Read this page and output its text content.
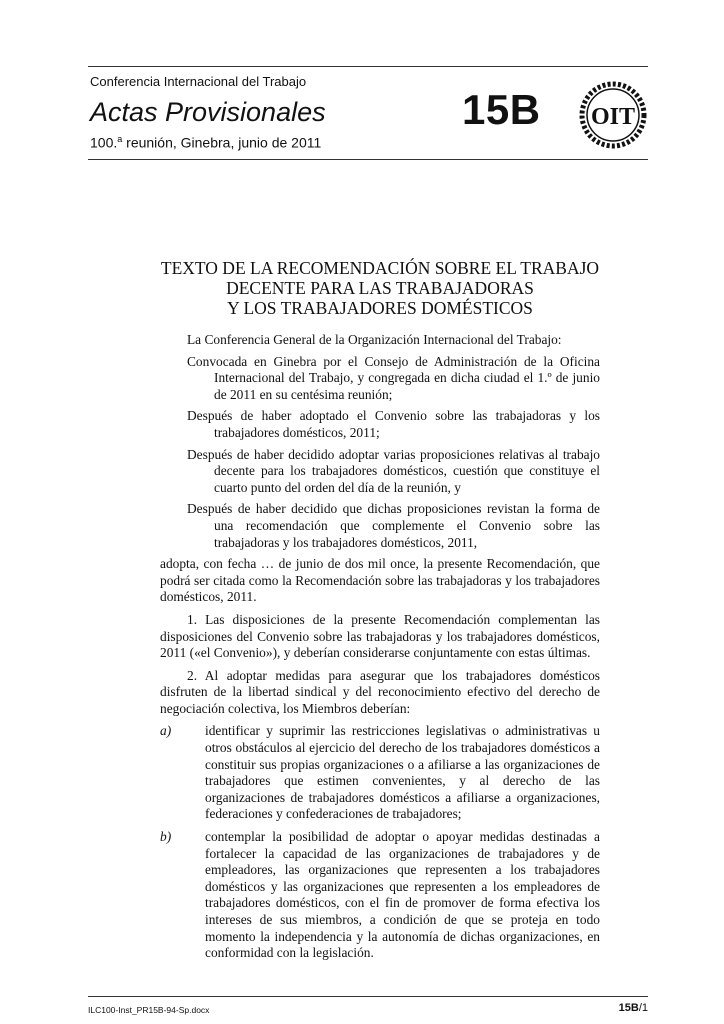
Conferencia Internacional del Trabajo
Actas Provisionales
100.$^a$ reunión, Ginebra, junio de 2011
15B OIT
TEXTO DE LA RECOMENDACIÓN SOBRE EL TRABAJO
DECENTE PARA LAS TRABAJADORAS
Y LOS TRABAJADORES DOMÉSTICOS

La Conferencia General de la Organización Internacional del Trabajo:

Convocada en Ginebra por el Consejo de Administración de la Oficina Internacional del Trabajo, y congregada en dicha ciudad el 1.º de junio de 2011 en su centésima reunión;

Después de haber adoptado el Convenio sobre las trabajadoras y los trabajadores domésticos, 2011;

Después de haber decidido adoptar varias proposiciones relativas al trabajo decente para los trabajadores domésticos, cuestión que constituye el cuarto punto del orden del día de la reunión, y

Después de haber decidido que dichas proposiciones revistan la forma de una recomendación que complemente el Convenio sobre las trabajadoras y los trabajadores domésticos, 2011,

adopta, con fecha … de junio de dos mil once, la presente Recomendación, que podrá ser citada como la Recomendación sobre las trabajadoras y los trabajadores domésticos, 2011.

1. Las disposiciones de la presente Recomendación complementan las disposiciones del Convenio sobre las trabajadoras y los trabajadores domésticos, 2011 («el Convenio»), y deberían considerarse conjuntamente con estas últimas.

2. Al adoptar medidas para asegurar que los trabajadores domésticos disfruten de la libertad sindical y del reconocimiento efectivo del derecho de negociación colectiva, los Miembros deberían:

a)	identificar y suprimir las restricciones legislativas o administrativas u otros obstáculos al ejercicio del derecho de los trabajadores domésticos a constituir sus propias organizaciones o a afiliarse a las organizaciones de trabajadores que estimen convenientes, y al derecho de las organizaciones de trabajadores domésticos a afiliarse a organizaciones, federaciones y confederaciones de trabajadores;

b)	contemplar la posibilidad de adoptar o apoyar medidas destinadas a fortalecer la capacidad de las organizaciones de trabajadores y de empleadores, las organizaciones que representen a los trabajadores domésticos y las organizaciones que representen a los empleadores de trabajadores domésticos, con el fin de promover de forma efectiva los intereses de sus miembros, a condición de que se proteja en todo momento la independencia y la autonomía de dichas organizaciones, en conformidad con la legislación.

ILC100-Inst_PR15B-94-Sp.docx	15B/1
